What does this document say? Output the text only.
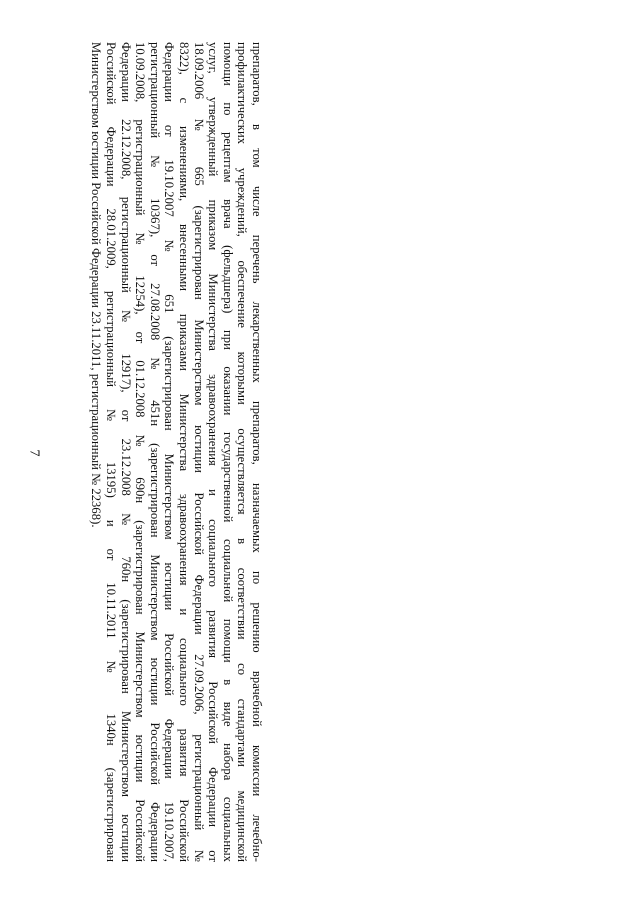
7	препаратов, в том числе перечень лекарственных препаратов, назначаемых по решению врачебной комиссии лечебно-
профилактических учреждений, обеспечение которыми осуществляется в соответствии со стандартами медицинской
помощи по рецептам врача (фельдшера) при оказании государственной социальной помощи в виде набора социальных
услуг, утвержденный приказом Министерства здравоохранения и социального развития Российской Федерации от
18.09.2006 № 665 (зарегистрирован Министерством юстиции Российской Федерации 27.09.2006, регистрационный №
8322), с изменениями, внесенными приказами Министерства здравоохранения и социального развития Российской
Федерации от 19.10.2007 № 651 (зарегистрирован Министерством юстиции Российской Федерации 19.10.2007,
регистрационный № 10367), от 27.08.2008 № 451н (зарегистрирован Министерством юстиции Российской Федерации
10.09.2008, регистрационный № 12254), от 01.12.2008 № 690н (зарегистрирован Министерством юстиции Российской
Федерации 22.12.2008, регистрационный № 12917), от 23.12.2008 № 760н (зарегистрирован Министерством юстиции
Российской Федерации 28.01.2009, регистрационный № 13195) и от 10.11.2011 № 1340н (зарегистрирован
Министерством юстиции Российской Федерации 23.11.2011, регистрационный № 22368).
